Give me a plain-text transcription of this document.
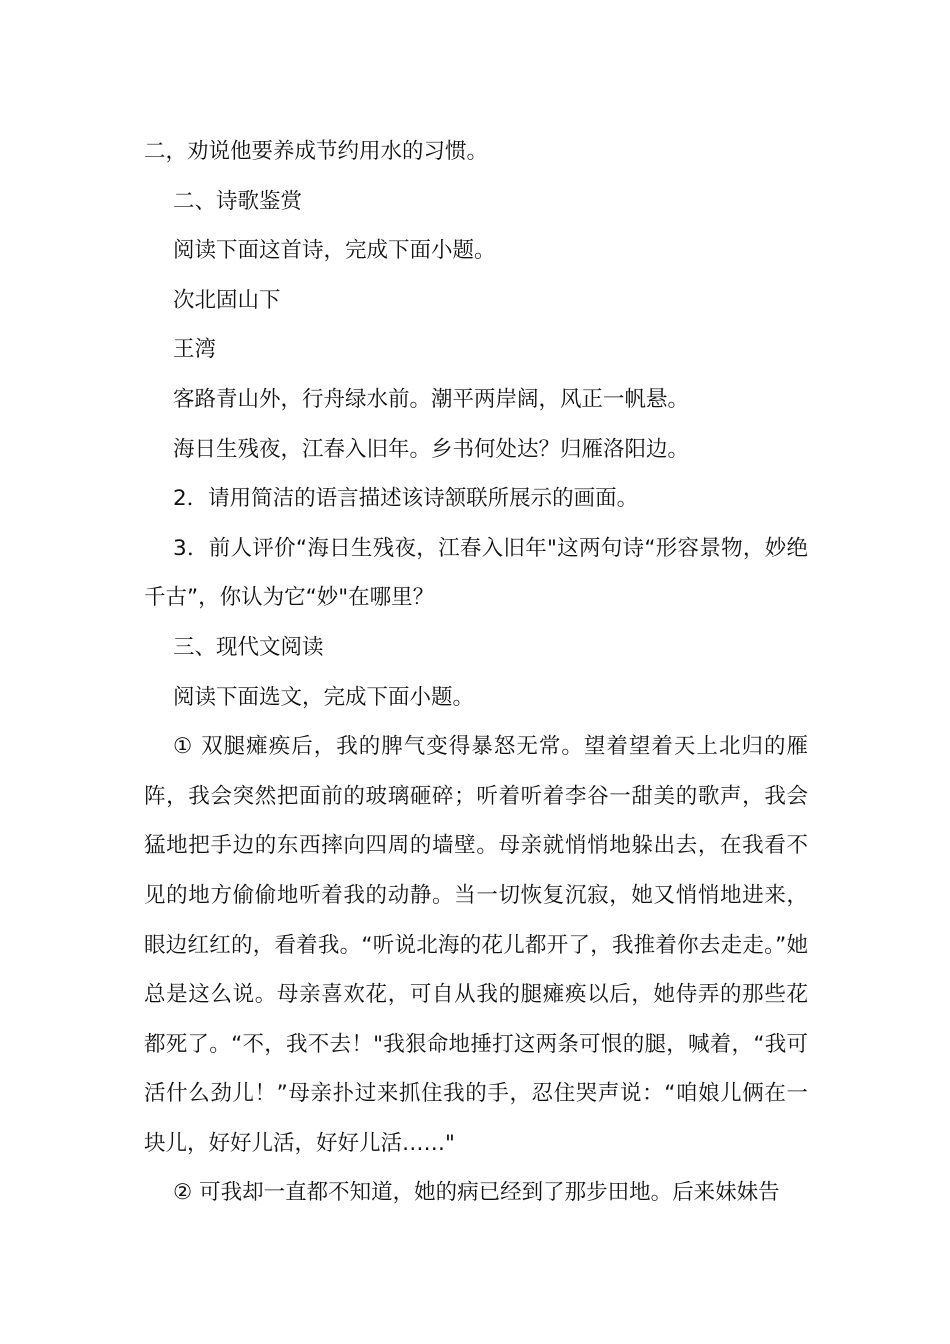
二，劝说他要养成节约用水的习惯。

二、诗歌鉴赏

阅读下面这首诗，完成下面小题。

次北固山下

王湾

客路青山外，行舟绿水前。潮平两岸阔，风正一帆悬。

海日生残夜，江春入旧年。乡书何处达？归雁洛阳边。

2．请用简洁的语言描述该诗颔联所展示的画面。

3．前人评价“海日生残夜，江春入旧年"这两句诗“形容景物，妙绝千古”，你认为它“妙"在哪里？

三、现代文阅读

阅读下面选文，完成下面小题。

① 双腿瘫痪后，我的脾气变得暴怒无常。望着望着天上北归的雁阵，我会突然把面前的玻璃砸碎；听着听着李谷一甜美的歌声，我会猛地把手边的东西摔向四周的墙壁。母亲就悄悄地躲出去，在我看不见的地方偷偷地听着我的动静。当一切恢复沉寂，她又悄悄地进来，眼边红红的，看着我。“听说北海的花儿都开了，我推着你去走走。”她总是这么说。母亲喜欢花，可自从我的腿瘫痪以后，她侍弄的那些花都死了。“不，我不去！"我狠命地捶打这两条可恨的腿，喊着，“我可活什么劲儿！”母亲扑过来抓住我的手，忍住哭声说：“咱娘儿俩在一块儿，好好儿活，好好儿活……"

② 可我却一直都不知道，她的病已经到了那步田地。后来妹妹告
